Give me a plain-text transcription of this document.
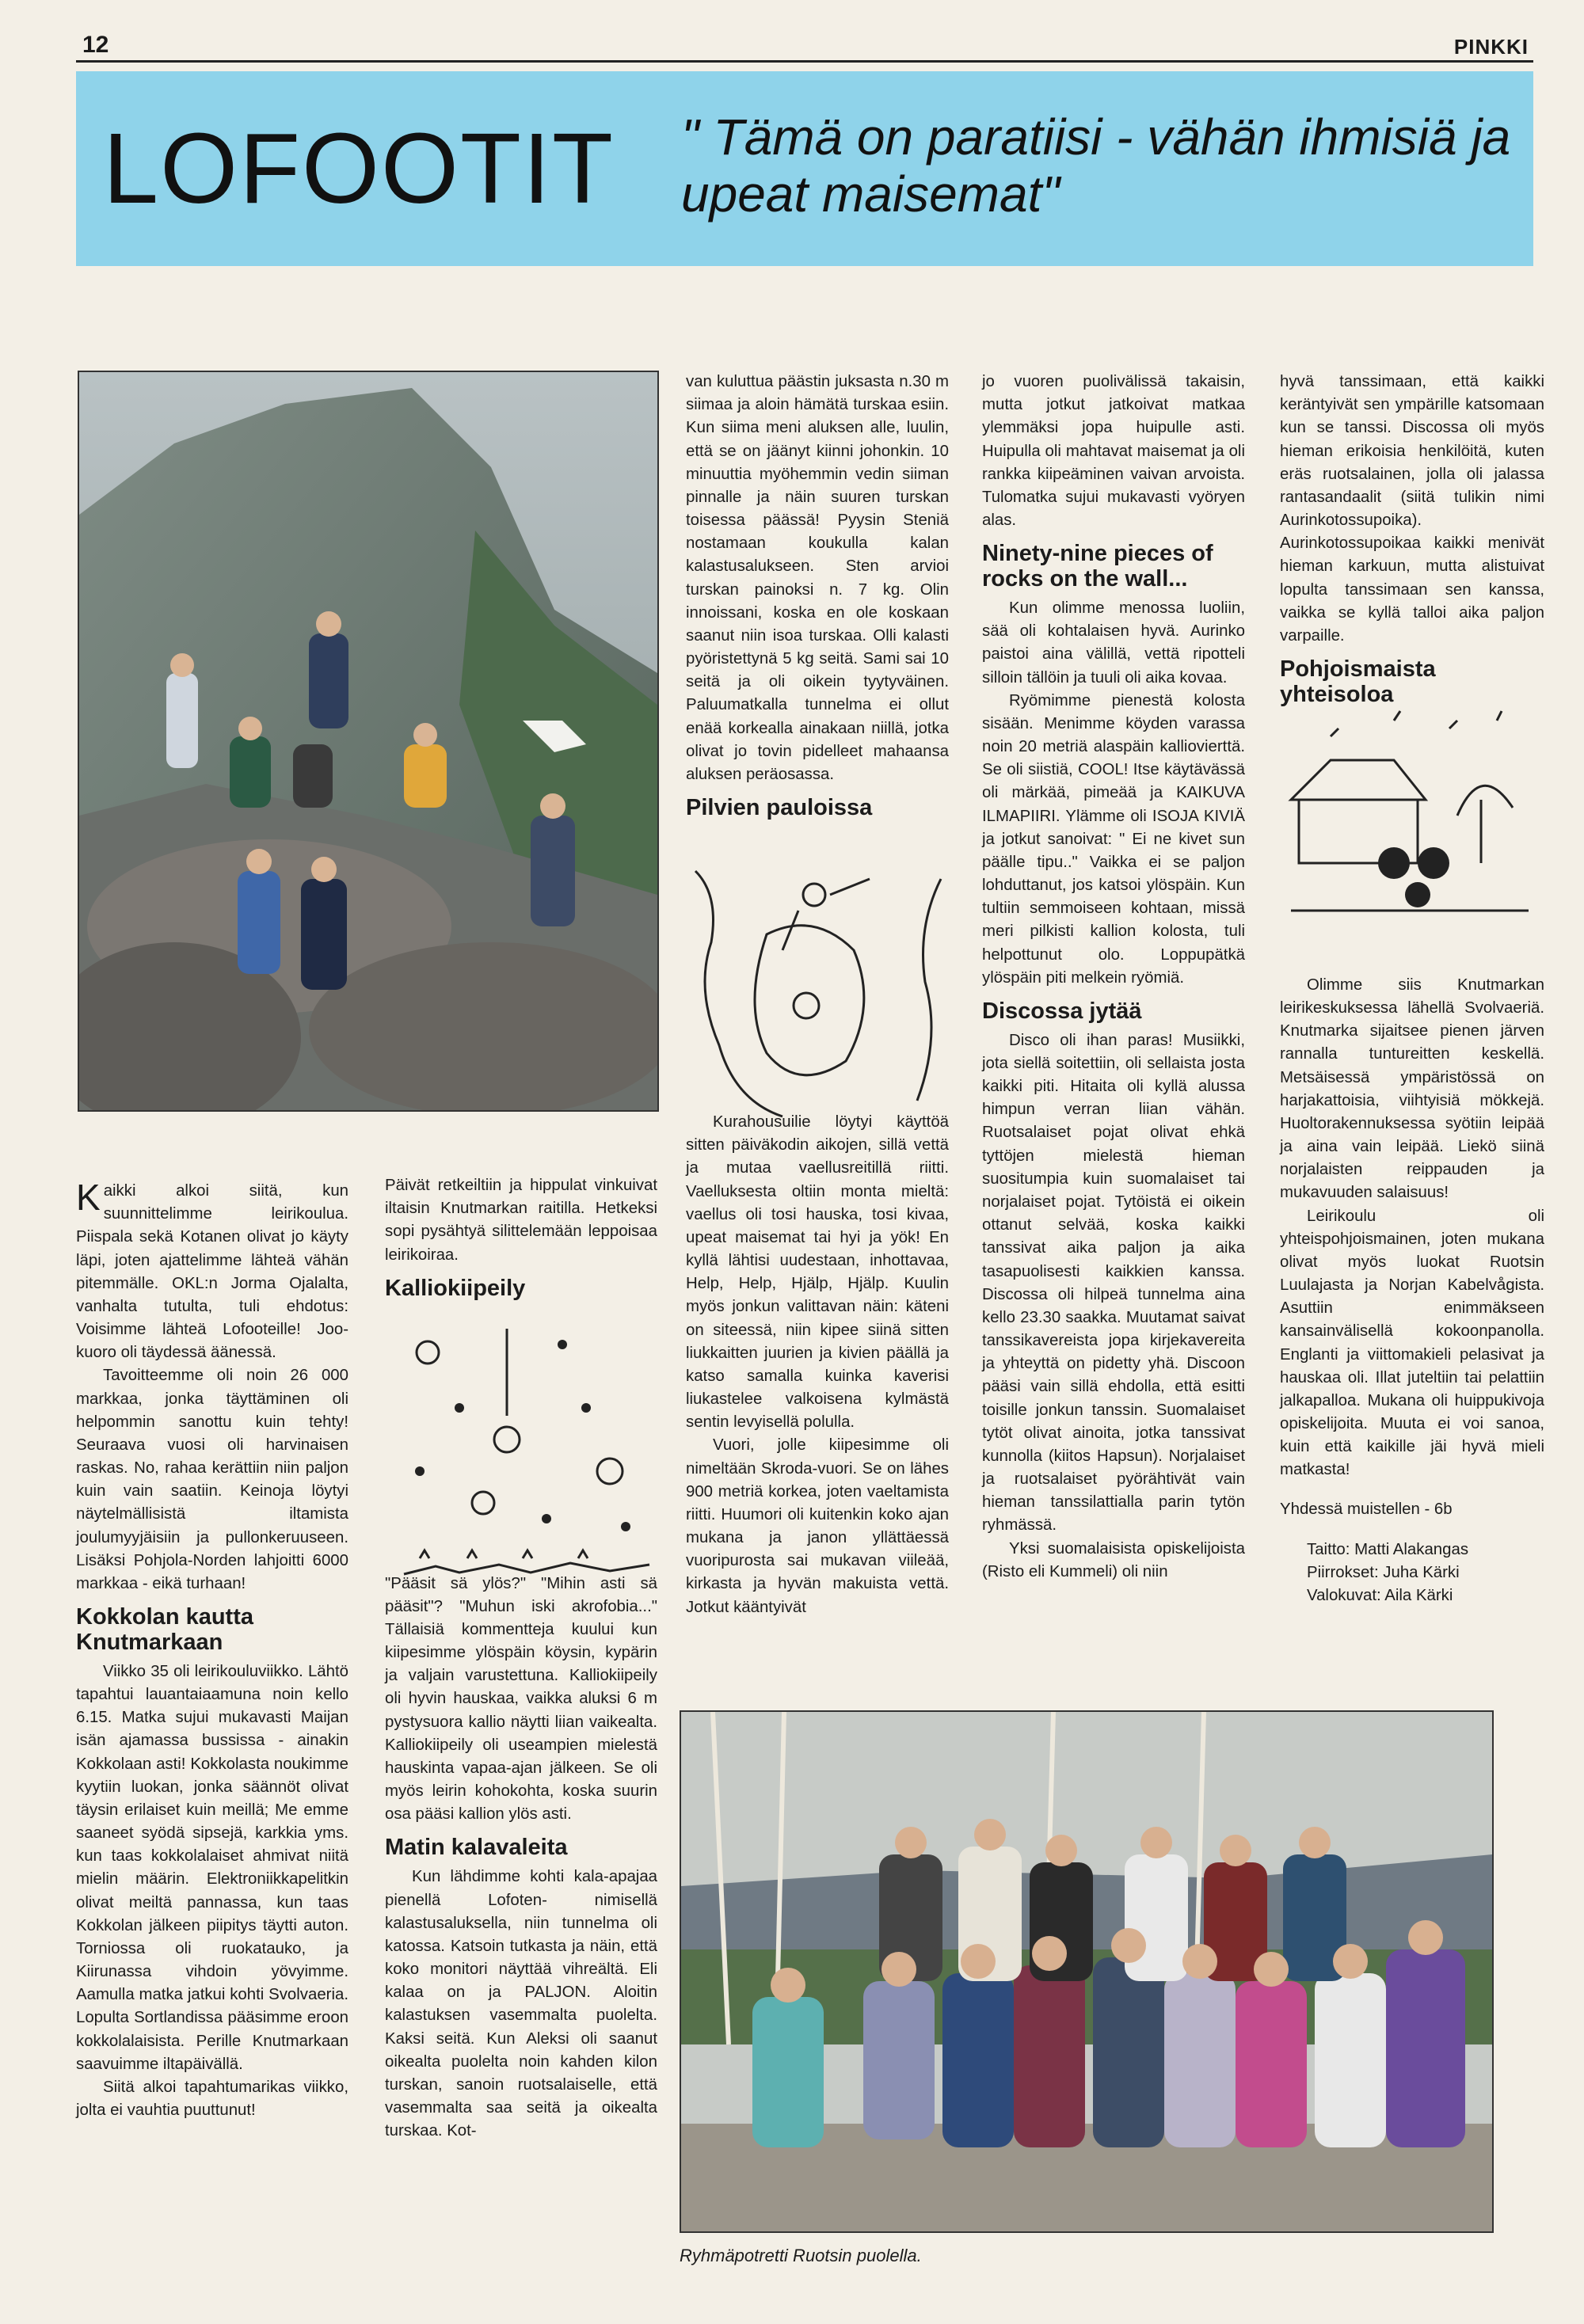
12	PINKKI
LOFOOTIT " Tämä on paratiisi - vähän ihmisiä ja upeat maisemat"
Ryhmäpotretti Ruotsin puolella.

Kaikki alkoi siitä, kun suunnittelimme leirikoulua. Piispala sekä Kotanen olivat jo käyty läpi, joten ajattelimme lähteä vähän pitemmälle. OKL:n Jorma Ojalalta, vanhalta tutulta, tuli ehdotus: Voisimme lähteä Lofooteille! Joo-kuoro oli täydessä äänessä.

Tavoitteemme oli noin 26 000 markkaa, jonka täyttäminen oli helpommin sanottu kuin tehty! Seuraava vuosi oli harvinaisen raskas. No, rahaa kerättiin niin paljon kuin vain saatiin. Keinoja löytyi näytelmällisistä iltamista joulumyyjäisiin ja pullonkeruuseen. Lisäksi Pohjola-Norden lahjoitti 6000 markkaa - eikä turhaan!

Kokkolan kautta Knutmarkaan

Viikko 35 oli leirikouluviikko. Lähtö tapahtui lauantaiaamuna noin kello 6.15. Matka sujui mukavasti Maijan isän ajamassa bussissa - ainakin Kokkolaan asti! Kokkolasta noukimme kyytiin luokan, jonka säännöt olivat täysin erilaiset kuin meillä; Me emme saaneet syödä sipsejä, karkkia yms. kun taas kokkolalaiset ahmivat niitä mielin määrin. Elektroniikkapelitkin olivat meiltä pannassa, kun taas Kokkolan jälkeen piipitys täytti auton. Torniossa oli ruokatauko, ja Kiirunassa vihdoin yövyimme. Aamulla matka jatkui kohti Svolvaeria. Lopulta Sortlandissa pääsimme eroon kokkolalaisista. Perille Knutmarkaan saavuimme iltapäivällä.

Siitä alkoi tapahtumarikas viikko, jolta ei vauhtia puuttunut!

Päivät retkeiltiin ja hippulat vinkuivat iltaisin Knutmarkan raitilla. Hetkeksi sopi pysähtyä silittelemään leppoisaa leirikoiraa.

Kalliokiipeily

"Pääsit sä ylös?" "Mihin asti sä pääsit"? "Muhun iski akrofobia..." Tällaisiä kommentteja kuului kun kiipesimme ylöspäin köysin, kypärin ja valjain varustettuna. Kalliokiipeily oli hyvin hauskaa, vaikka aluksi 6 m pystysuora kallio näytti liian vaikealta. Kalliokiipeily oli useampien mielestä hauskinta vapaa-ajan jälkeen. Se oli myös leirin kohokohta, koska suurin osa pääsi kallion ylös asti.

Matin kalavaleita

Kun lähdimme kohti kala-apajaa pienellä Lofoten- nimisellä kalastusaluksella, niin tunnelma oli katossa. Katsoin tutkasta ja näin, että koko monitori näyttää vihreältä. Eli kalaa on ja PALJON. Aloitin kalastuksen vasemmalta puolelta. Kaksi seitä. Kun Aleksi oli saanut oikealta puolelta noin kahden kilon turskan, sanoin ruotsalaiselle, että vasemmalta saa seitä ja oikealta turskaa. Kot-

van kuluttua päästin juksasta n.30 m siimaa ja aloin hämätä turskaa esiin. Kun siima meni aluksen alle, luulin, että se on jäänyt kiinni johonkin. 10 minuuttia myöhemmin vedin siiman pinnalle ja näin suuren turskan toisessa päässä! Pyysin Steniä nostamaan koukulla kalan kalastusalukseen. Sten arvioi turskan painoksi n. 7 kg. Olin innoissani, koska en ole koskaan saanut niin isoa turskaa. Olli kalasti pyöristettynä 5 kg seitä. Sami sai 10 seitä ja oli oikein tyytyväinen. Paluumatkalla tunnelma ei ollut enää korkealla ainakaan niillä, jotka olivat jo tovin pidelleet mahaansa aluksen peräosassa.

Pilvien pauloissa

Kurahousuilie löytyi käyttöä sitten päiväkodin aikojen, sillä vettä ja mutaa vaellusreitillä riitti. Vaelluksesta oltiin monta mieltä: vaellus oli tosi hauska, tosi kivaa, upeat maisemat tai hyi ja yök! En kyllä lähtisi uudestaan, inhottavaa, Help, Help, Hjälp, Hjälp. Kuulin myös jonkun valittavan näin: käteni on siteessä, niin kipee siinä sitten liukkaitten juurien ja kivien päällä ja katso samalla kuinka kaverisi liukastelee valkoisena kylmästä sentin levyisellä polulla.

Vuori, jolle kiipesimme oli nimeltään Skroda-vuori. Se on lähes 900 metriä korkea, joten vaeltamista riitti. Huumori oli kuitenkin koko ajan mukana ja janon yllättäessä vuoripurosta sai mukavan viileää, kirkasta ja hyvän makuista vettä. Jotkut kääntyivät

jo vuoren puolivälissä takaisin, mutta jotkut jatkoivat matkaa ylemmäksi jopa huipulle asti. Huipulla oli mahtavat maisemat ja oli rankka kiipeäminen vaivan arvoista. Tulomatka sujui mukavasti vyöryen alas.

Ninety-nine pieces of rocks on the wall...

Kun olimme menossa luoliin, sää oli kohtalaisen hyvä. Aurinko paistoi aina välillä, vettä ripotteli silloin tällöin ja tuuli oli aika kovaa.

Ryömimme pienestä kolosta sisään. Menimme köyden varassa noin 20 metriä alaspäin kalliovierttä. Se oli siistiä, COOL! Itse käytävässä oli märkää, pimeää ja KAIKUVA ILMAPIIRI. Ylämme oli ISOJA KIVIÄ ja jotkut sanoivat: " Ei ne kivet sun päälle tipu.." Vaikka ei se paljon lohduttanut, jos katsoi ylöspäin. Kun tultiin semmoiseen kohtaan, missä meri pilkisti kallion kolosta, tuli helpottunut olo. Loppupätkä ylöspäin piti melkein ryömiä.

Discossa jytää

Disco oli ihan paras! Musiikki, jota siellä soitettiin, oli sellaista josta kaikki piti. Hitaita oli kyllä alussa himpun verran liian vähän. Ruotsalaiset pojat olivat ehkä tyttöjen mielestä hieman suositumpia kuin suomalaiset tai norjalaiset pojat. Tytöistä ei oikein ottanut selvää, koska kaikki tanssivat aika paljon ja aika tasapuolisesti kaikkien kanssa. Discossa oli hilpeä tunnelma aina kello 23.30 saakka. Muutamat saivat tanssikavereista jopa kirjekavereita ja yhteyttä on pidetty yhä. Discoon pääsi vain sillä ehdolla, että esitti toisille jonkun tanssin. Suomalaiset tytöt olivat ainoita, jotka tanssivat kunnolla (kiitos Hapsun). Norjalaiset ja ruotsalaiset pyörähtivät vain hieman tanssilattialla parin tytön ryhmässä.

Yksi suomalaisista opiskelijoista (Risto eli Kummeli) oli niin

hyvä tanssimaan, että kaikki keräntyivät sen ympärille katsomaan kun se tanssi. Discossa oli myös hieman erikoisia henkilöitä, kuten eräs ruotsalainen, jolla oli jalassa rantasandaalit (siitä tulikin nimi Aurinkotossupoika). Aurinkotossupoikaa kaikki menivät hieman karkuun, mutta alistuivat lopulta tanssimaan sen kanssa, vaikka se kyllä talloi aika paljon varpaille.

Pohjoismaista yhteisoloa

Olimme siis Knutmarkan leirikeskuksessa lähellä Svolvaeriä. Knutmarka sijaitsee pienen järven rannalla tuntureitten keskellä. Metsäisessä ympäristössä on harjakattoisia, viihtyisiä mökkejä. Huoltorakennuksessa syötiin leipää ja aina vain leipää. Liekö siinä norjalaisten reippauden ja mukavuuden salaisuus!

Leirikoulu oli yhteispohjoismainen, joten mukana olivat myös luokat Ruotsin Luulajasta ja Norjan Kabelvågista. Asuttiin enimmäkseen kansainvälisellä kokoonpanolla. Englanti ja viittomakieli pelasivat ja hauskaa oli. Illat juteltiin tai pelattiin jalkapalloa. Mukana oli huippukivoja opiskelijoita. Muuta ei voi sanoa, kuin että kaikille jäi hyvä mieli matkasta!

Yhdessä muistellen - 6b

Taitto: Matti Alakangas

Piirrokset: Juha Kärki

Valokuvat: Aila Kärki
